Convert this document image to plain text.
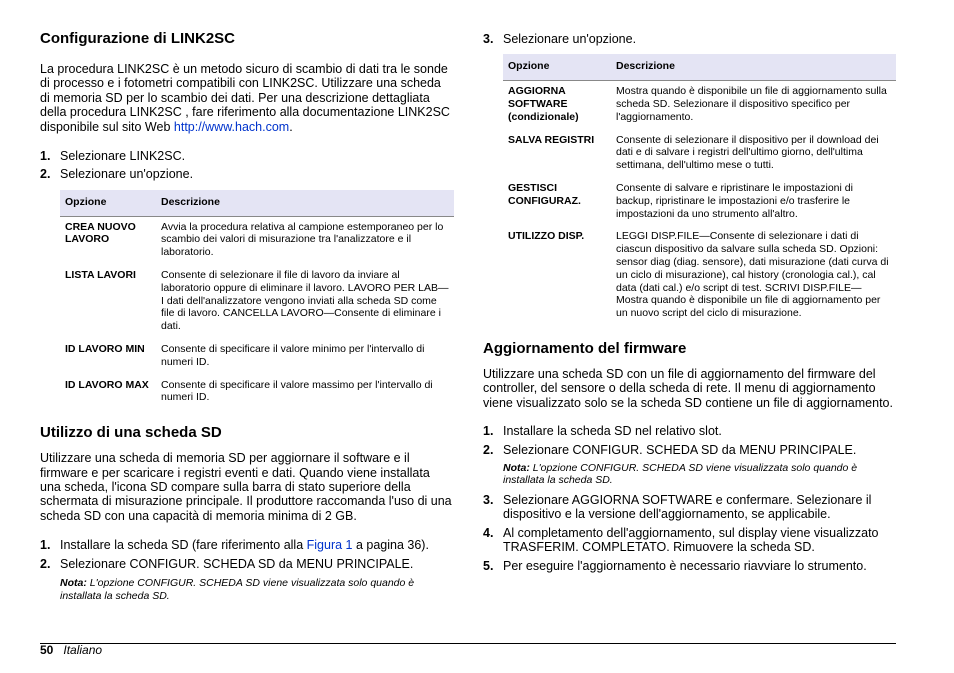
Configurazione di LINK2SC

La procedura LINK2SC è un metodo sicuro di scambio di dati tra le sonde di processo e i fotometri compatibili con LINK2SC. Utilizzare una scheda di memoria SD per lo scambio dei dati. Per una descrizione dettagliata della procedura LINK2SC , fare riferimento alla documentazione LINK2SC disponibile sul sito Web http://www.hach.com.

1. Selezionare LINK2SC.
2. Selezionare un'opzione.
Opzione	Descrizione
CREA NUOVO LAVORO	Avvia la procedura relativa al campione estemporaneo per lo scambio dei valori di misurazione tra l'analizzatore e il laboratorio.
LISTA LAVORI	Consente di selezionare il file di lavoro da inviare al laboratorio oppure di eliminare il lavoro. LAVORO PER LAB—I dati dell'analizzatore vengono inviati alla scheda SD come file di lavoro. CANCELLA LAVORO—Consente di eliminare i dati.
ID LAVORO MIN	Consente di specificare il valore minimo per l'intervallo di numeri ID.
ID LAVORO MAX	Consente di specificare il valore massimo per l'intervallo di numeri ID.
Utilizzo di una scheda SD

Utilizzare una scheda di memoria SD per aggiornare il software e il firmware e per scaricare i registri eventi e dati. Quando viene installata una scheda, l'icona SD compare sulla barra di stato superiore della schermata di misurazione principale. Il produttore raccomanda l'uso di una scheda SD con una capacità di memoria minima di 2 GB.

1. Installare la scheda SD (fare riferimento alla Figura 1 a pagina 36).
2. Selezionare CONFIGUR. SCHEDA SD da MENU PRINCIPALE.
Nota: L'opzione CONFIGUR. SCHEDA SD viene visualizzata solo quando è installata la scheda SD.
3. Selezionare un'opzione.
Opzione	Descrizione
AGGIORNA SOFTWARE (condizionale)	Mostra quando è disponibile un file di aggiornamento sulla scheda SD. Selezionare il dispositivo specifico per l'aggiornamento.
SALVA REGISTRI	Consente di selezionare il dispositivo per il download dei dati e di salvare i registri dell'ultimo giorno, dell'ultima settimana, dell'ultimo mese o tutti.
GESTISCI CONFIGURAZ.	Consente di salvare e ripristinare le impostazioni di backup, ripristinare le impostazioni e/o trasferire le impostazioni da uno strumento all'altro.
UTILIZZO DISP.	LEGGI DISP.FILE—Consente di selezionare i dati di ciascun dispositivo da salvare sulla scheda SD. Opzioni: sensor diag (diag. sensore), dati misurazione (dati curva di un ciclo di misurazione), cal history (cronologia cal.), cal data (dati cal.) e/o script di test. SCRIVI DISP.FILE—Mostra quando è disponibile un file di aggiornamento per un nuovo script del ciclo di misurazione.
Aggiornamento del firmware

Utilizzare una scheda SD con un file di aggiornamento del firmware del controller, del sensore o della scheda di rete. Il menu di aggiornamento viene visualizzato solo se la scheda SD contiene un file di aggiornamento.

1. Installare la scheda SD nel relativo slot.
2. Selezionare CONFIGUR. SCHEDA SD da MENU PRINCIPALE.
Nota: L'opzione CONFIGUR. SCHEDA SD viene visualizzata solo quando è installata la scheda SD.
3. Selezionare AGGIORNA SOFTWARE e confermare. Selezionare il dispositivo e la versione dell'aggiornamento, se applicabile.
4. Al completamento dell'aggiornamento, sul display viene visualizzato TRASFERIM. COMPLETATO. Rimuovere la scheda SD.
5. Per eseguire l'aggiornamento è necessario riavviare lo strumento.
50 Italiano
